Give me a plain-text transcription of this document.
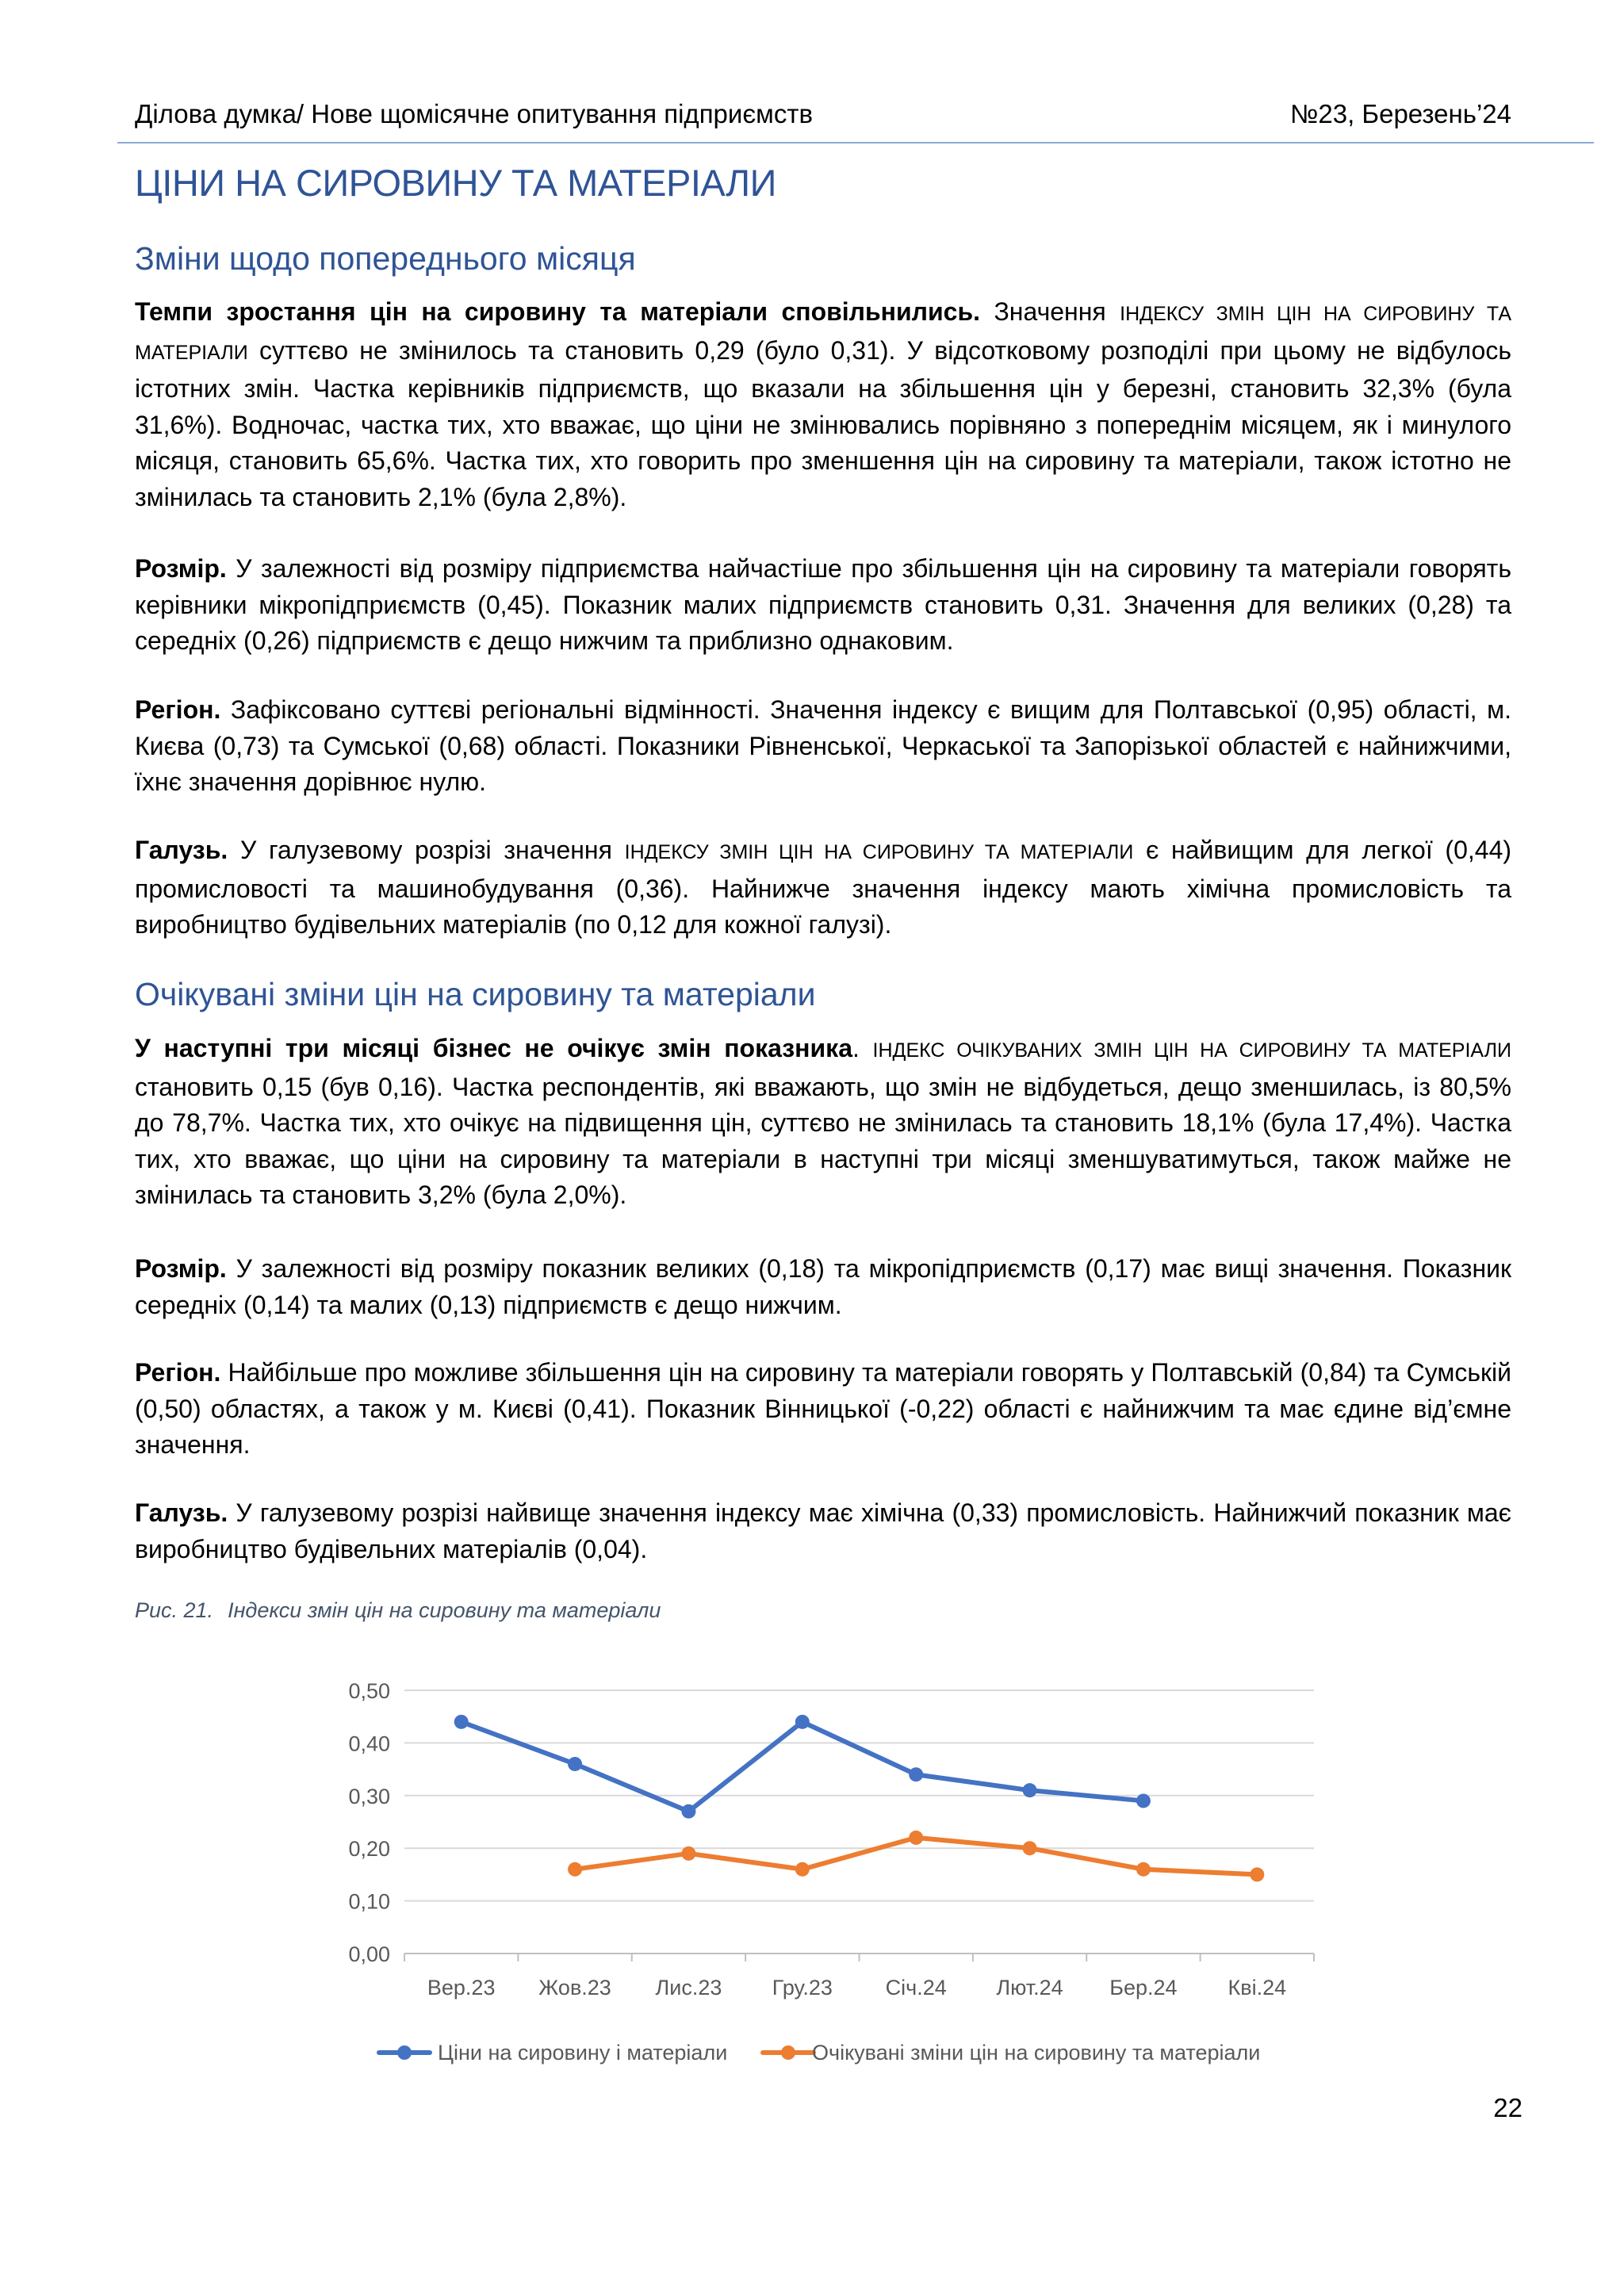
Ділова думка/ Нове щомісячне опитування підприємств	№23, Березень’24
ЦІНИ НА СИРОВИНУ ТА МАТЕРІАЛИ
Зміни щодо попереднього місяця
Темпи зростання цін на сировину та матеріали сповільнились. Значення ІНДЕКСУ ЗМІН ЦІН НА СИРОВИНУ ТА МАТЕРІАЛИ суттєво не змінилось та становить 0,29 (було 0,31). У відсотковому розподілі при цьому не відбулось істотних змін. Частка керівників підприємств, що вказали на збільшення цін у березні, становить 32,3% (була 31,6%). Водночас, частка тих, хто вважає, що ціни не змінювались порівняно з попереднім місяцем, як і минулого місяця, становить 65,6%. Частка тих, хто говорить про зменшення цін на сировину та матеріали, також істотно не змінилась та становить 2,1% (була 2,8%).
Розмір. У залежності від розміру підприємства найчастіше про збільшення цін на сировину та матеріали говорять керівники мікропідприємств (0,45). Показник малих підприємств становить 0,31. Значення для великих (0,28) та середніх (0,26) підприємств є дещо нижчим та приблизно однаковим.
Регіон. Зафіксовано суттєві регіональні відмінності. Значення індексу є вищим для Полтавської (0,95) області, м. Києва (0,73) та Сумської (0,68) області. Показники Рівненської, Черкаської та Запорізької областей є найнижчими, їхнє значення дорівнює нулю.
Галузь. У галузевому розрізі значення ІНДЕКСУ ЗМІН ЦІН НА СИРОВИНУ ТА МАТЕРІАЛИ є найвищим для легкої (0,44) промисловості та машинобудування (0,36). Найнижче значення індексу мають хімічна промисловість та виробництво будівельних матеріалів (по 0,12 для кожної галузі).
Очікувані зміни цін на сировину та матеріали
У наступні три місяці бізнес не очікує змін показника. ІНДЕКС ОЧІКУВАНИХ ЗМІН ЦІН НА СИРОВИНУ ТА МАТЕРІАЛИ становить 0,15 (був 0,16). Частка респондентів, які вважають, що змін не відбудеться, дещо зменшилась, із 80,5% до 78,7%. Частка тих, хто очікує на підвищення цін, суттєво не змінилась та становить 18,1% (була 17,4%). Частка тих, хто вважає, що ціни на сировину та матеріали в наступні три місяці зменшуватимуться, також майже не змінилась та становить 3,2% (була 2,0%).
Розмір. У залежності від розміру показник великих (0,18) та мікропідприємств (0,17) має вищі значення. Показник середніх (0,14) та малих (0,13) підприємств є дещо нижчим.
Регіон. Найбільше про можливе збільшення цін на сировину та матеріали говорять у Полтавській (0,84) та Сумській (0,50) областях, а також у м. Києві (0,41). Показник Вінницької (-0,22) області є найнижчим та має єдине від’ємне значення.
Галузь. У галузевому розрізі найвище значення індексу має хімічна (0,33) промисловість. Найнижчий показник має виробництво будівельних матеріалів (0,04).
Рис. 21. Індекси змін цін на сировину та матеріали
0,00
0,10
0,20
0,30
0,40
0,50
Вер.23 Жов.23 Лис.23 Гру.23 Січ.24 Лют.24 Бер.24 Кві.24
Ціни на сировину і матеріали	Очікувані зміни цін на сировину та матеріали
22
